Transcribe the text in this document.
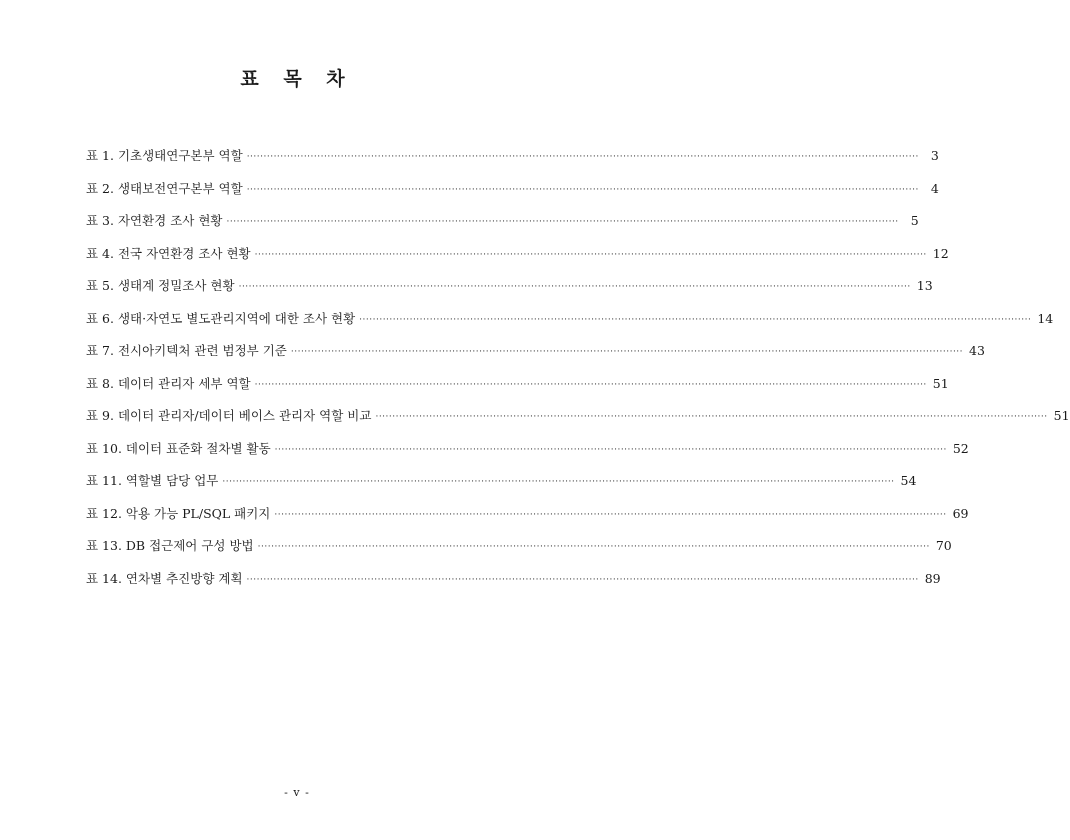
표 목 차
표 1. 기초생태연구본부 역할 ········································································································································································································ 3
표 2. 생태보전연구본부 역할 ········································································································································································································ 4
표 3. 자연환경 조사 현황 ········································································································································································································ 5
표 4. 전국 자연환경 조사 현황 ········································································································································································································ 12
표 5. 생태계 정밀조사 현황 ········································································································································································································ 13
표 6. 생태·자연도 별도관리지역에 대한 조사 현황 ········································································································································································································ 14
표 7. 전시아키텍처 관련 범정부 기준 ········································································································································································································ 43
표 8. 데이터 관리자 세부 역할 ········································································································································································································ 51
표 9. 데이터 관리자/데이터 베이스 관리자 역할 비교 ········································································································································································································ 51
표 10. 데이터 표준화 절차별 활동 ········································································································································································································ 52
표 11. 역할별 담당 업무 ········································································································································································································ 54
표 12. 악용 가능 PL/SQL 패키지 ········································································································································································································ 69
표 13. DB 접근제어 구성 방법 ········································································································································································································ 70
표 14. 연차별 추진방향 계획 ········································································································································································································ 89
- v -
